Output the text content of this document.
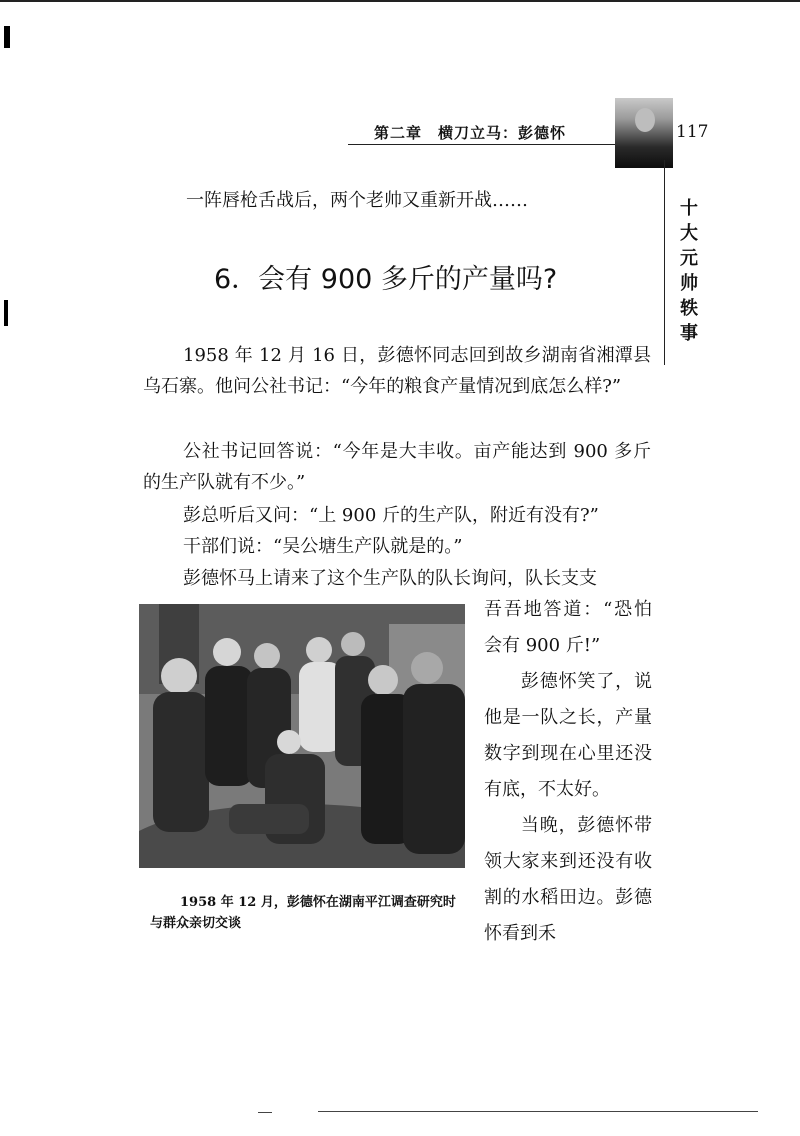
第二章 横刀立马：彭德怀	117
十
大
元
帅
轶
事
一阵唇枪舌战后，两个老帅又重新开战……
6．会有 900 多斤的产量吗?

1958 年 12 月 16 日，彭德怀同志回到故乡湖南省湘潭县乌石寨。他问公社书记：“今年的粮食产量情况到底怎么样?”

公社书记回答说：“今年是大丰收。亩产能达到 900 多斤的生产队就有不少。”

彭总听后又问：“上 900 斤的生产队，附近有没有?”

干部们说：“吴公塘生产队就是的。”

彭德怀马上请来了这个生产队的队长询问，队长支支

1958 年 12 月，彭德怀在湖南平江调查研究时与群众亲切交谈

吾吾地答道：“恐怕会有 900 斤!”
彭德怀笑了，说他是一队之长，产量数字到现在心里还没有底，不太好。
当晚，彭德怀带领大家来到还没有收割的水稻田边。彭德怀看到禾
